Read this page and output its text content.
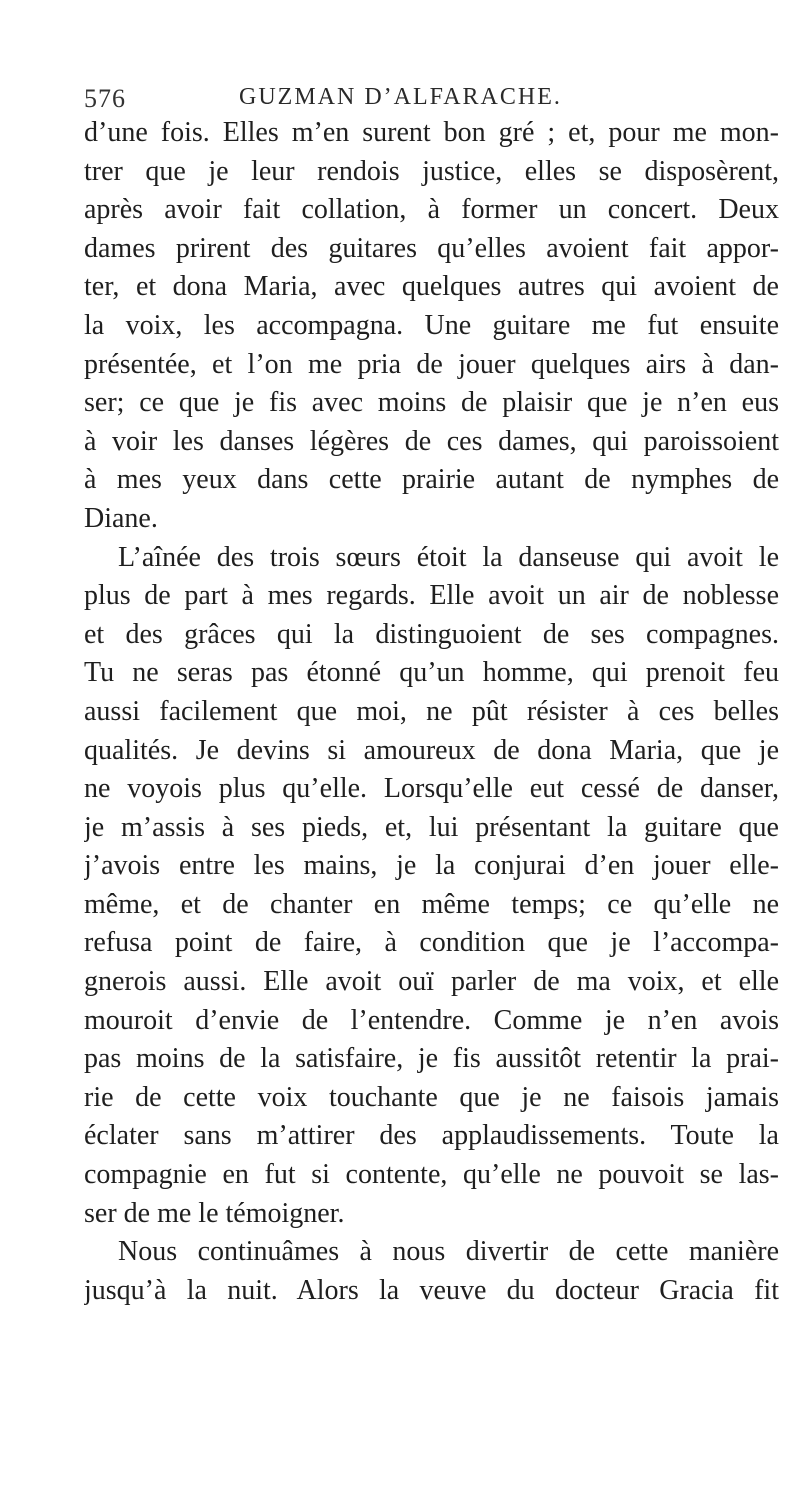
576	GUZMAN D’ALFARACHE.
d’une fois. Elles m’en surent bon gré ; et, pour me mon-
trer que je leur rendois justice, elles se disposèrent,
après avoir fait collation, à former un concert. Deux
dames prirent des guitares qu’elles avoient fait appor-
ter, et dona Maria, avec quelques autres qui avoient de
la voix, les accompagna. Une guitare me fut ensuite
présentée, et l’on me pria de jouer quelques airs à dan-
ser; ce que je fis avec moins de plaisir que je n’en eus
à voir les danses légères de ces dames, qui paroissoient
à mes yeux dans cette prairie autant de nymphes de
Diane.
L’aînée des trois sœurs étoit la danseuse qui avoit le
plus de part à mes regards. Elle avoit un air de noblesse
et des grâces qui la distinguoient de ses compagnes.
Tu ne seras pas étonné qu’un homme, qui prenoit feu
aussi facilement que moi, ne pût résister à ces belles
qualités. Je devins si amoureux de dona Maria, que je
ne voyois plus qu’elle. Lorsqu’elle eut cessé de danser,
je m’assis à ses pieds, et, lui présentant la guitare que
j’avois entre les mains, je la conjurai d’en jouer elle-
même, et de chanter en même temps; ce qu’elle ne
refusa point de faire, à condition que je l’accompa-
gnerois aussi. Elle avoit ouï parler de ma voix, et elle
mouroit d’envie de l’entendre. Comme je n’en avois
pas moins de la satisfaire, je fis aussitôt retentir la prai-
rie de cette voix touchante que je ne faisois jamais
éclater sans m’attirer des applaudissements. Toute la
compagnie en fut si contente, qu’elle ne pouvoit se las-
ser de me le témoigner.
Nous continuâmes à nous divertir de cette manière
jusqu’à la nuit. Alors la veuve du docteur Gracia fit
